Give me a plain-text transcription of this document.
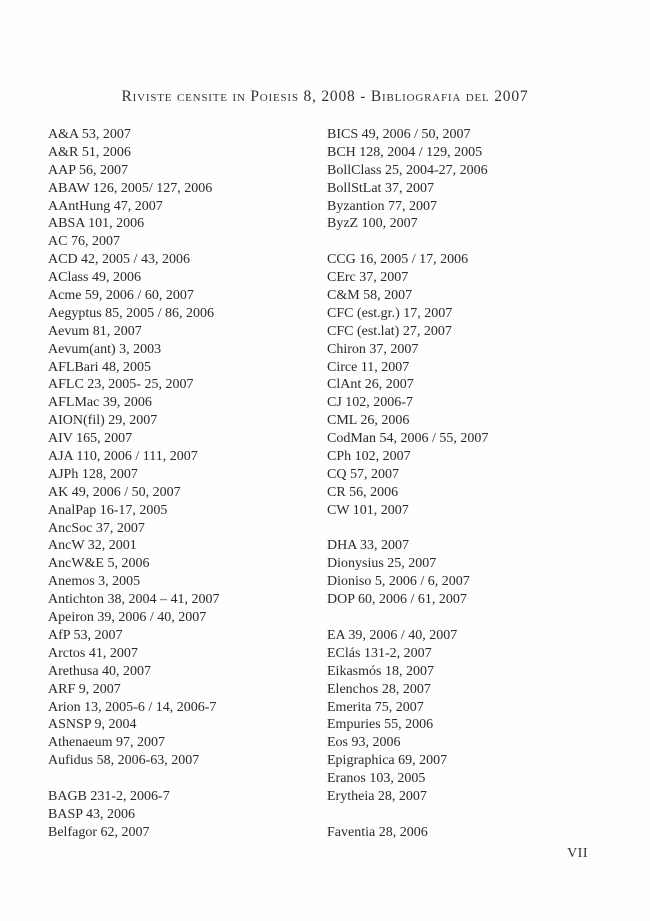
Riviste censite in Poiesis 8, 2008 - Bibliografia del 2007
A&A 53, 2007
A&R 51, 2006
AAP 56, 2007
ABAW 126, 2005/ 127, 2006
AAntHung 47, 2007
ABSA 101, 2006
AC 76, 2007
ACD 42, 2005 / 43, 2006
AClass 49, 2006
Acme 59, 2006 / 60, 2007
Aegyptus 85, 2005 / 86, 2006
Aevum 81, 2007
Aevum(ant) 3, 2003
AFLBari 48, 2005
AFLC 23, 2005- 25, 2007
AFLMac 39, 2006
AION(fil) 29, 2007
AIV 165, 2007
AJA 110, 2006 / 111, 2007
AJPh 128, 2007
AK 49, 2006 / 50, 2007
AnalPap 16-17, 2005
AncSoc 37, 2007
AncW 32, 2001
AncW&E 5, 2006
Anemos 3, 2005
Antichton 38, 2004 – 41, 2007
Apeiron 39, 2006 / 40, 2007
AfP 53, 2007
Arctos 41, 2007
Arethusa 40, 2007
ARF 9, 2007
Arion 13, 2005-6 / 14, 2006-7
ASNSP 9, 2004
Athenaeum 97, 2007
Aufidus 58, 2006-63, 2007
BAGB 231-2, 2006-7
BASP 43, 2006
Belfagor 62, 2007
BICS 49, 2006 / 50, 2007
BCH 128, 2004 / 129, 2005
BollClass 25, 2004-27, 2006
BollStLat 37, 2007
Byzantion 77, 2007
ByzZ 100, 2007
CCG 16, 2005 / 17, 2006
CErc 37, 2007
C&M 58, 2007
CFC (est.gr.) 17, 2007
CFC (est.lat) 27, 2007
Chiron 37, 2007
Circe 11, 2007
ClAnt 26, 2007
CJ 102, 2006-7
CML 26, 2006
CodMan 54, 2006 / 55, 2007
CPh 102, 2007
CQ 57, 2007
CR 56, 2006
CW 101, 2007
DHA 33, 2007
Dionysius 25, 2007
Dioniso 5, 2006 / 6, 2007
DOP 60, 2006 / 61, 2007
EA 39, 2006 / 40, 2007
EClás 131-2, 2007
Eikasmós 18, 2007
Elenchos 28, 2007
Emerita 75, 2007
Empuries 55, 2006
Eos 93, 2006
Epigraphica 69, 2007
Eranos 103, 2005
Erytheia 28, 2007
Faventia 28, 2006
VII
